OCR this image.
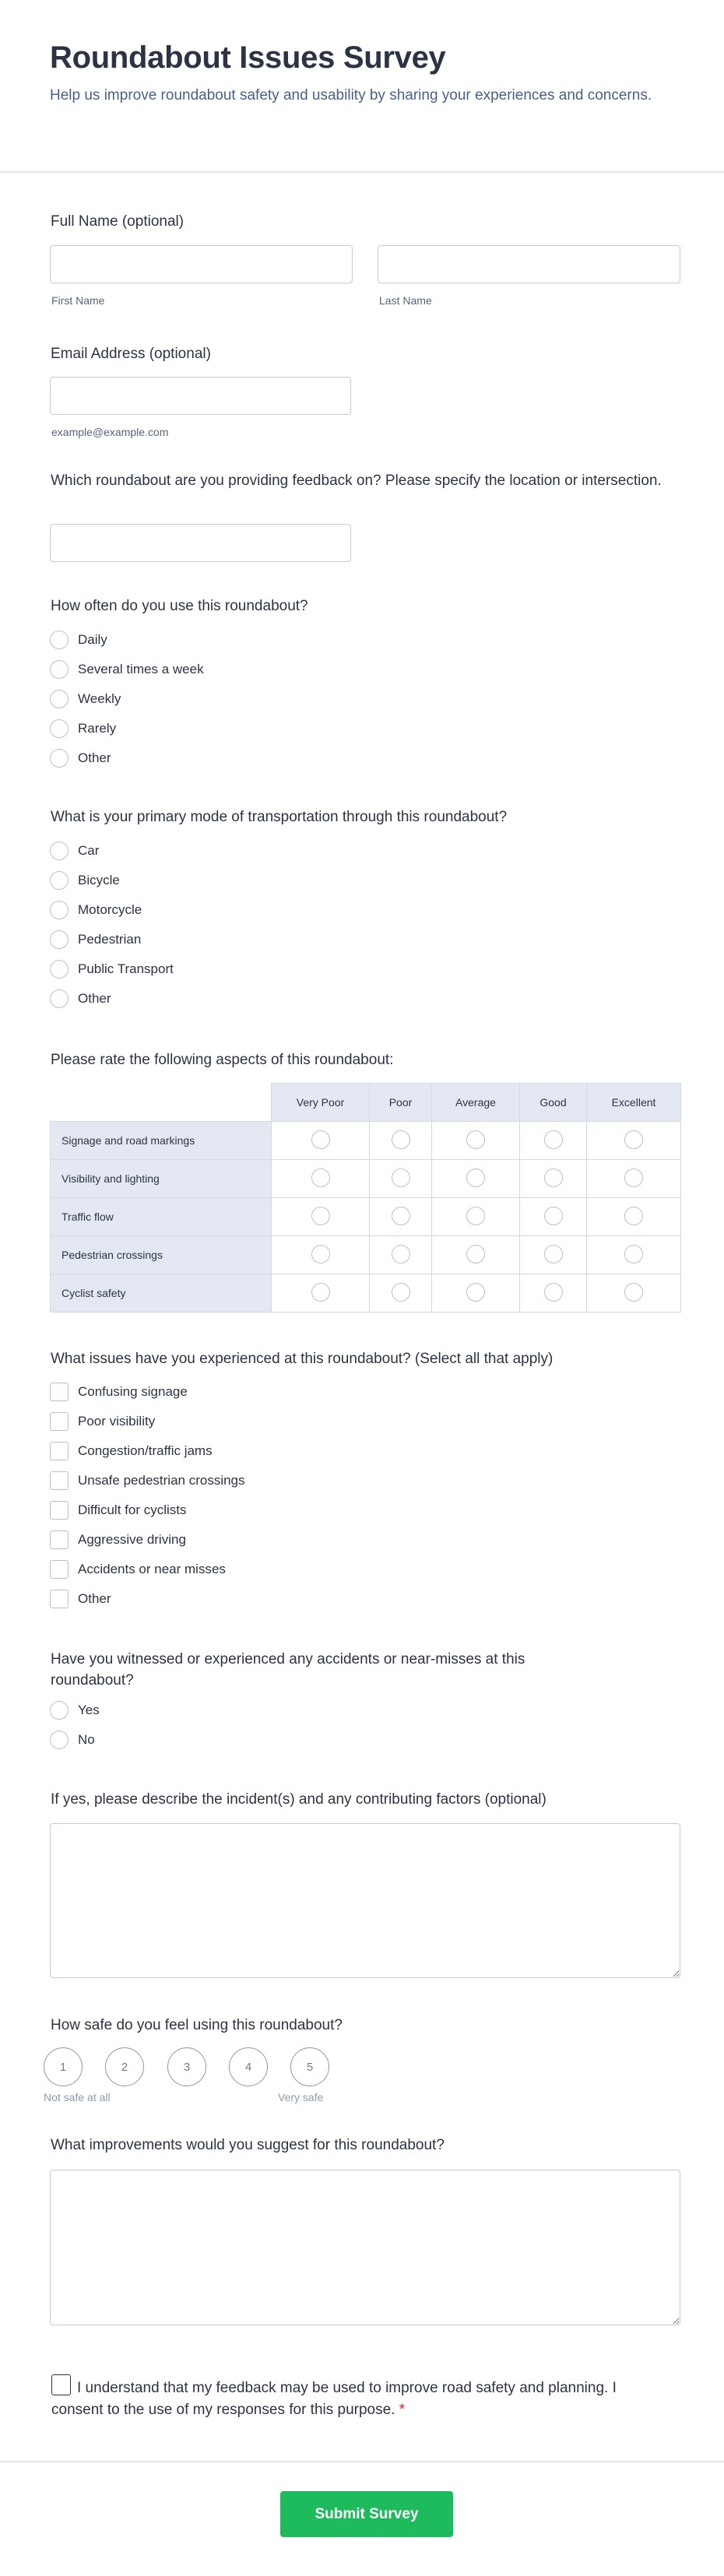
Roundabout Issues Survey
Help us improve roundabout safety and usability by sharing your experiences and concerns.
Full Name (optional)
First Name	Last Name
Email Address (optional)
example@example.com
Which roundabout are you providing feedback on? Please specify the location or intersection.
How often do you use this roundabout?
Daily
Several times a week
Weekly
Rarely
Other
What is your primary mode of transportation through this roundabout?
Car
Bicycle
Motorcycle
Pedestrian
Public Transport
Other
Please rate the following aspects of this roundabout:
	Very Poor	Poor	Average	Good	Excellent
Signage and road markings					
Visibility and lighting					
Traffic flow					
Pedestrian crossings					
Cyclist safety					
What issues have you experienced at this roundabout? (Select all that apply)
Confusing signage
Poor visibility
Congestion/traffic jams
Unsafe pedestrian crossings
Difficult for cyclists
Aggressive driving
Accidents or near misses
Other
Have you witnessed or experienced any accidents or near-misses at this roundabout?
Yes
No
If yes, please describe the incident(s) and any contributing factors (optional)
How safe do you feel using this roundabout?
1	2	3	4	5
Not safe at all	Very safe
What improvements would you suggest for this roundabout?
I understand that my feedback may be used to improve road safety and planning. I consent to the use of my responses for this purpose. *
Submit Survey
